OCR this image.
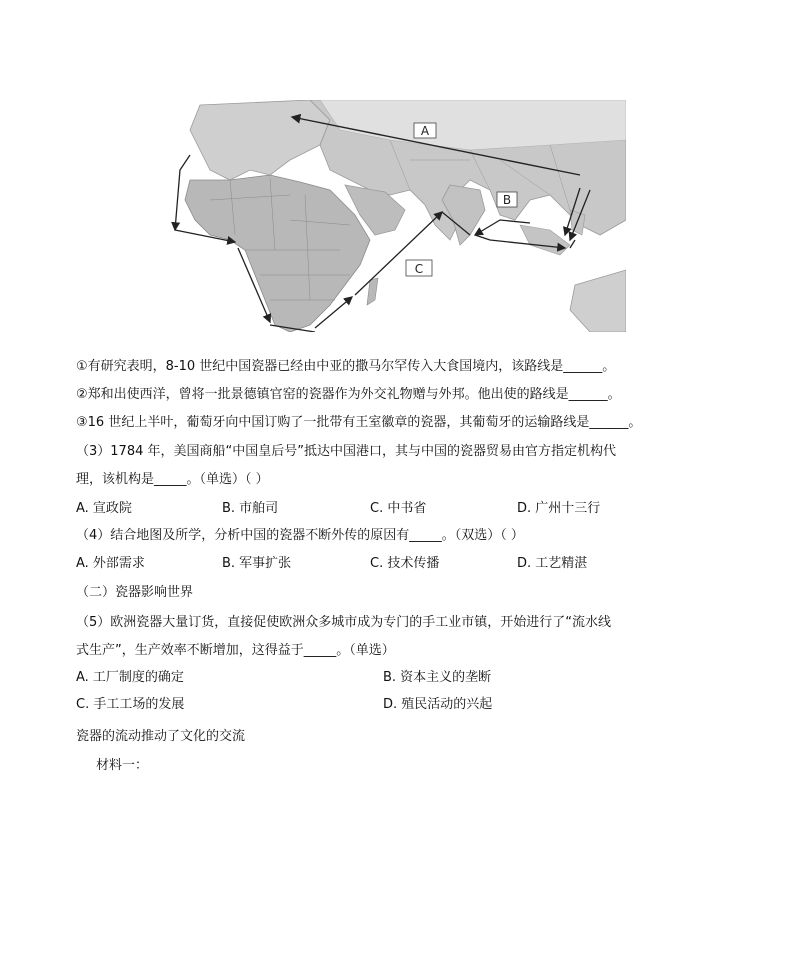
A
B
C
①有研究表明，8-10 世纪中国瓷器已经由中亚的撒马尔罕传入大食国境内，该路线是______。
②郑和出使西洋，曾将一批景德镇官窑的瓷器作为外交礼物赠与外邦。他出使的路线是______。
③16 世纪上半叶，葡萄牙向中国订购了一批带有王室徽章的瓷器，其葡萄牙的运输路线是______。
（3）1784 年，美国商船“中国皇后号”抵达中国港口，其与中国的瓷器贸易由官方指定机构代
理，该机构是_____。（单选）（ ）
A. 宣政院	B. 市舶司	C. 中书省	D. 广州十三行
（4）结合地图及所学，分析中国的瓷器不断外传的原因有_____。（双选）（ ）
A. 外部需求	B. 军事扩张	C. 技术传播	D. 工艺精湛
（二）瓷器影响世界
（5）欧洲瓷器大量订货，直接促使欧洲众多城市成为专门的手工业市镇，开始进行了“流水线
式生产”，生产效率不断增加，这得益于_____。（单选）
A. 工厂制度的确定	B. 资本主义的垄断
C. 手工工场的发展	D. 殖民活动的兴起
瓷器的流动推动了文化的交流
材料一：
